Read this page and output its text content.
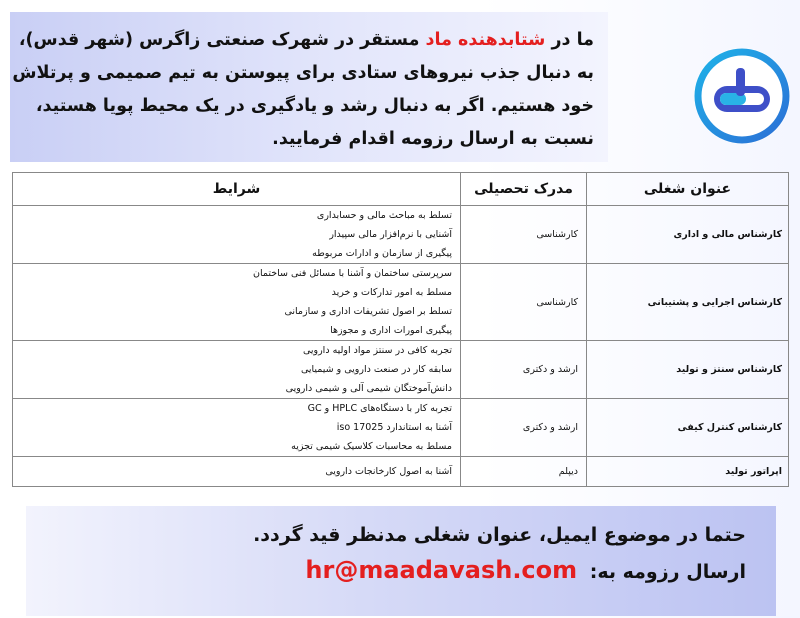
ما در شتابدهنده ماد مستقر در شهرک صنعتی زاگرس (شهر قدس)،
به دنبال جذب نیروهای ستادی برای پیوستن به تیم صمیمی و پرتلاش
خود هستیم. اگر به دنبال رشد و یادگیری در یک محیط پویا هستید،
نسبت به ارسال رزومه اقدام فرمایید.
عنوان شغلی	مدرک تحصیلی	شرایط
کارشناس مالی و اداری	کارشناسی	تسلط به مباحث مالی و حسابداری
آشنایی با نرم‌افزار مالی سپیدار
پیگیری از سازمان و ادارات مربوطه

کارشناس اجرایی و پشتیبانی	کارشناسی	سرپرستی ساختمان و آشنا با مسائل فنی ساختمان
مسلط به امور تدارکات و خرید
تسلط بر اصول تشریفات اداری و سازمانی
پیگیری امورات اداری و مجوزها

کارشناس سنتز و تولید	ارشد و دکتری	تجربه کافی در سنتز مواد اولیه دارویی
سابقه کار در صنعت دارویی و شیمیایی
دانش‌آموختگان شیمی آلی و شیمی دارویی

کارشناس کنترل کیفی	ارشد و دکتری	تجربه کار با دستگاه‌های HPLC و GC
آشنا به استاندارد iso 17025
مسلط به محاسبات کلاسیک شیمی تجزیه

اپراتور تولید	دیپلم	آشنا به اصول کارخانجات دارویی
حتما در موضوع ایمیل، عنوان شغلی مدنظر قید گردد.
ارسال رزومه به: hr@maadavash.com
